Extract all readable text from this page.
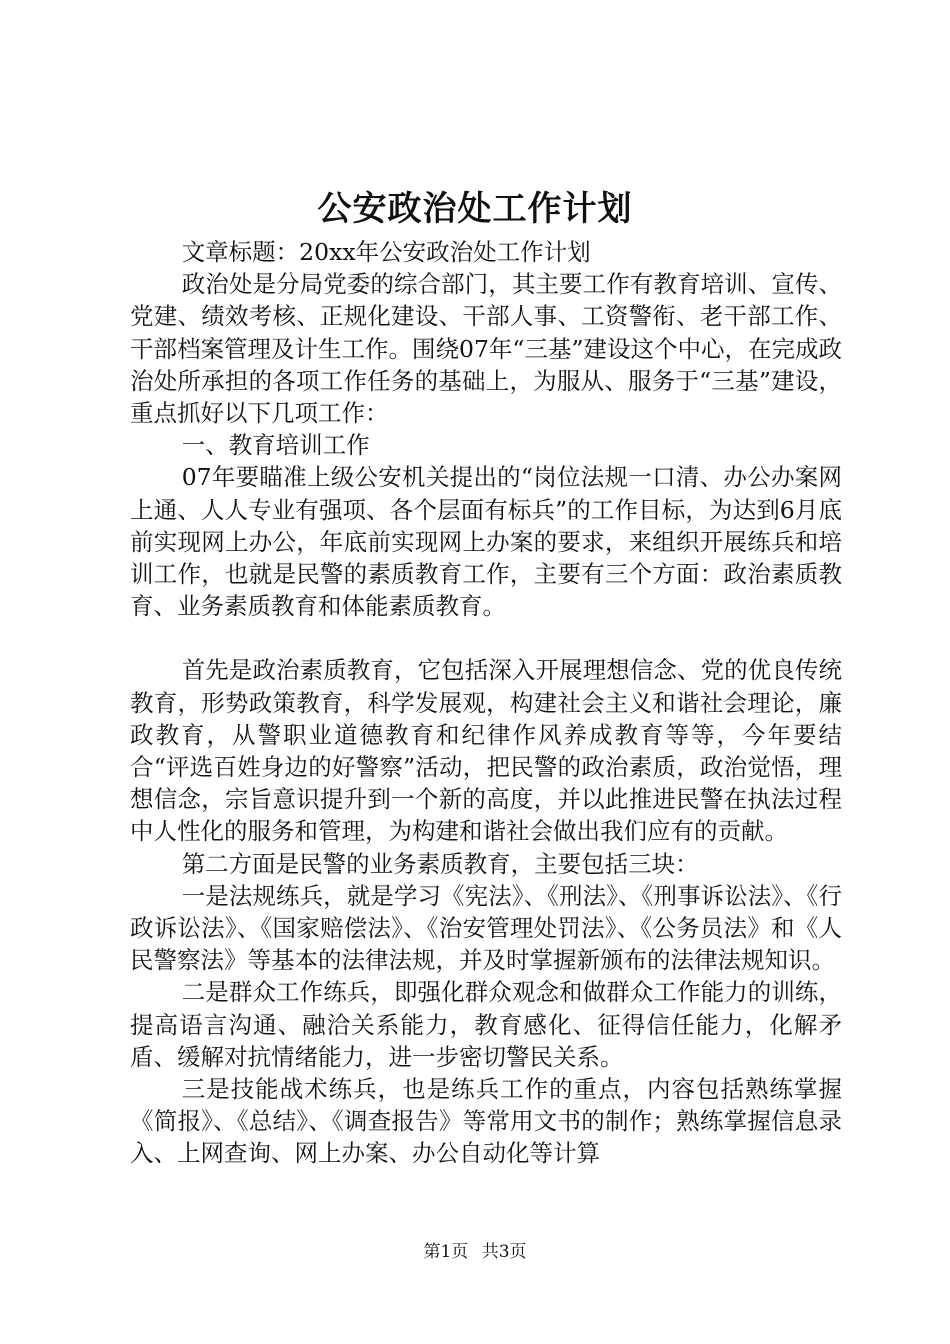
公安政治处工作计划

文章标题：20xx年公安政治处工作计划

政治处是分局党委的综合部门，其主要工作有教育培训、宣传、党建、绩效考核、正规化建设、干部人事、工资警衔、老干部工作、干部档案管理及计生工作。围绕07年“三基”建设这个中心，在完成政治处所承担的各项工作任务的基础上，为服从、服务于“三基”建设，重点抓好以下几项工作：

一、教育培训工作

07年要瞄准上级公安机关提出的“岗位法规一口清、办公办案网上通、人人专业有强项、各个层面有标兵”的工作目标，为达到6月底前实现网上办公，年底前实现网上办案的要求，来组织开展练兵和培训工作，也就是民警的素质教育工作，主要有三个方面：政治素质教育、业务素质教育和体能素质教育。

首先是政治素质教育，它包括深入开展理想信念、党的优良传统教育，形势政策教育，科学发展观，构建社会主义和谐社会理论，廉政教育，从警职业道德教育和纪律作风养成教育等等，今年要结合“评选百姓身边的好警察”活动，把民警的政治素质，政治觉悟，理想信念，宗旨意识提升到一个新的高度，并以此推进民警在执法过程中人性化的服务和管理，为构建和谐社会做出我们应有的贡献。

第二方面是民警的业务素质教育，主要包括三块：

一是法规练兵，就是学习《宪法》、《刑法》、《刑事诉讼法》、《行政诉讼法》、《国家赔偿法》、《治安管理处罚法》、《公务员法》和《人民警察法》等基本的法律法规，并及时掌握新颁布的法律法规知识。

二是群众工作练兵，即强化群众观念和做群众工作能力的训练，提高语言沟通、融洽关系能力，教育感化、征得信任能力，化解矛盾、缓解对抗情绪能力，进一步密切警民关系。

三是技能战术练兵，也是练兵工作的重点，内容包括熟练掌握《简报》、《总结》、《调查报告》等常用文书的制作；熟练掌握信息录入、上网查询、网上办案、办公自动化等计算

第1页 共3页
